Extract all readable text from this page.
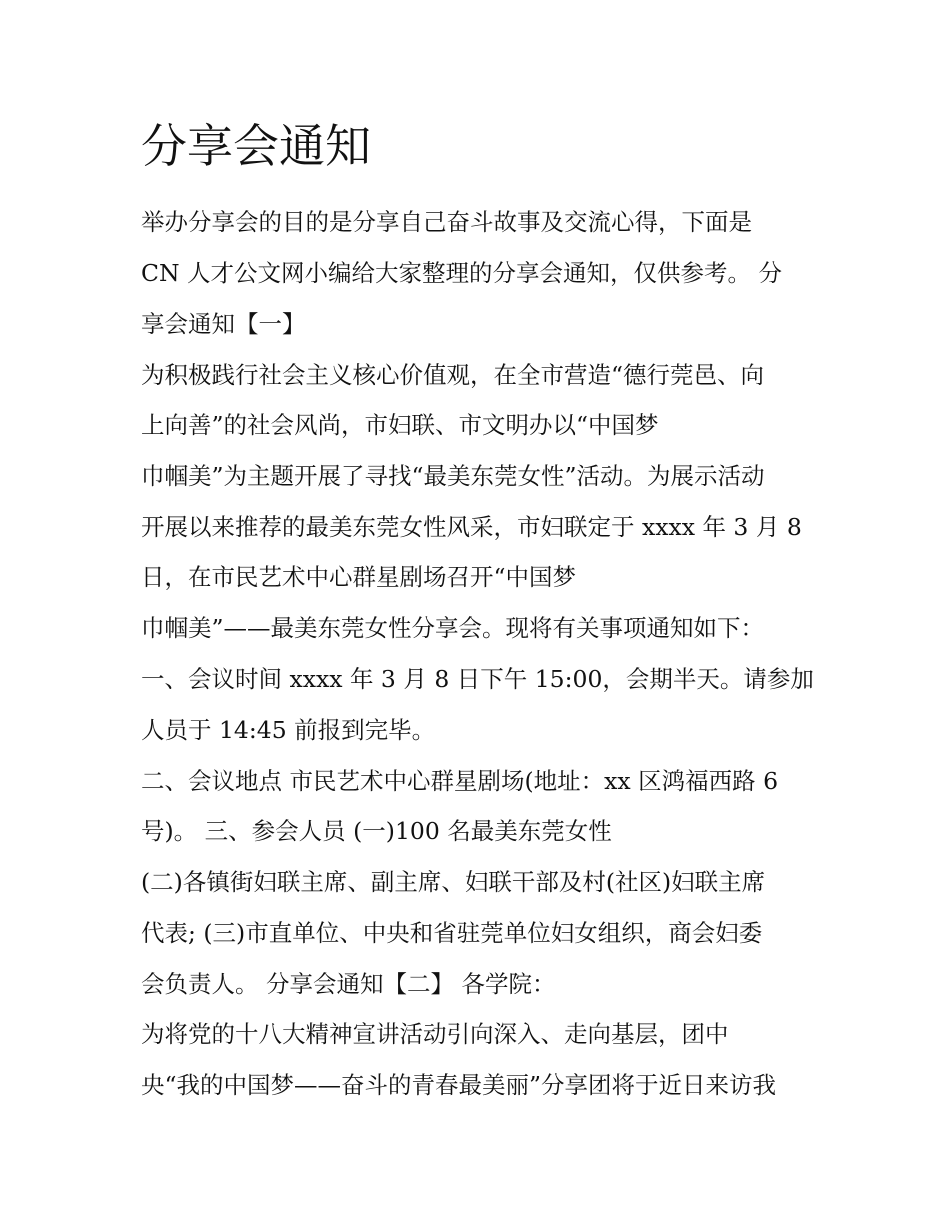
分享会通知
举办分享会的目的是分享自己奋斗故事及交流心得，下面是
CN 人才公文网小编给大家整理的分享会通知，仅供参考。 分
享会通知【一】
为积极践行社会主义核心价值观，在全市营造“德行莞邑、向
上向善”的社会风尚，市妇联、市文明办以“中国梦
巾帼美”为主题开展了寻找“最美东莞女性”活动。为展示活动
开展以来推荐的最美东莞女性风采，市妇联定于 xxxx 年 3 月 8
日，在市民艺术中心群星剧场召开“中国梦
巾帼美”——最美东莞女性分享会。现将有关事项通知如下：
一、会议时间 xxxx 年 3 月 8 日下午 15:00，会期半天。请参加
人员于 14:45 前报到完毕。
二、会议地点 市民艺术中心群星剧场(地址：xx 区鸿福西路 6
号)。 三、参会人员 (一)100 名最美东莞女性
(二)各镇街妇联主席、副主席、妇联干部及村(社区)妇联主席
代表; (三)市直单位、中央和省驻莞单位妇女组织，商会妇委
会负责人。 分享会通知【二】 各学院：
为将党的十八大精神宣讲活动引向深入、走向基层，团中
央“我的中国梦——奋斗的青春最美丽”分享团将于近日来访我
